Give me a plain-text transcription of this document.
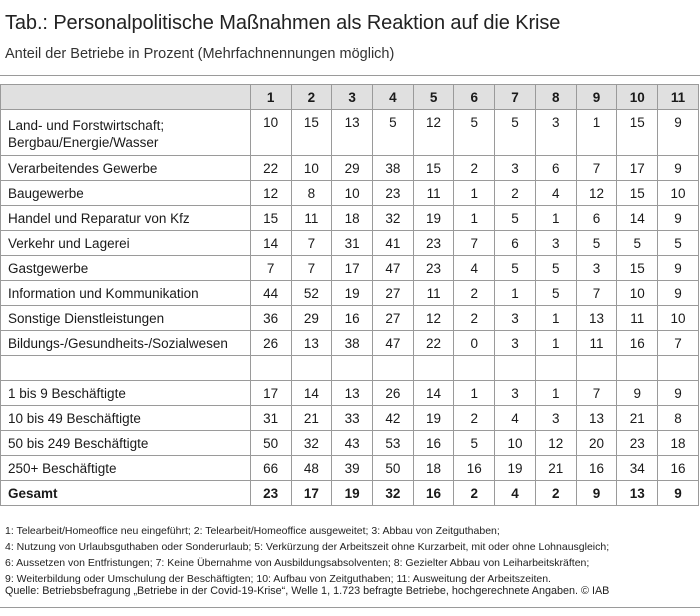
Tab.: Personalpolitische Maßnahmen als Reaktion auf die Krise

Anteil der Betriebe in Prozent (Mehrfachnennungen möglich)

	1	2	3	4	5	6	7	8	9	10	11

Land- und Forstwirtschaft;
Bergbau/Energie/Wasser	10	15	13	5	12	5	5	3	1	15	9
Verarbeitendes Gewerbe	22	10	29	38	15	2	3	6	7	17	9
Baugewerbe	12	8	10	23	11	1	2	4	12	15	10
Handel und Reparatur von Kfz	15	11	18	32	19	1	5	1	6	14	9
Verkehr und Lagerei	14	7	31	41	23	7	6	3	5	5	5
Gastgewerbe	7	7	17	47	23	4	5	5	3	15	9
Information und Kommunikation	44	52	19	27	11	2	1	5	7	10	9
Sonstige Dienstleistungen	36	29	16	27	12	2	3	1	13	11	10
Bildungs-/Gesundheits-/Sozialwesen	26	13	38	47	22	0	3	1	11	16	7

1 bis 9 Beschäftigte	17	14	13	26	14	1	3	1	7	9	9
10 bis 49 Beschäftigte	31	21	33	42	19	2	4	3	13	21	8
50 bis 249 Beschäftigte	50	32	43	53	16	5	10	12	20	23	18
250+ Beschäftigte	66	48	39	50	18	16	19	21	16	34	16
Gesamt	23	17	19	32	16	2	4	2	9	13	9
1: Telearbeit/Homeoffice neu eingeführt; 2: Telearbeit/Homeoffice ausgeweitet; 3: Abbau von Zeitguthaben;
4: Nutzung von Urlaubsguthaben oder Sonderurlaub; 5: Verkürzung der Arbeitszeit ohne Kurzarbeit, mit oder ohne Lohnausgleich;
6: Aussetzen von Entfristungen; 7: Keine Übernahme von Ausbildungsabsolventen; 8: Gezielter Abbau von Leiharbeitskräften;
9: Weiterbildung oder Umschulung der Beschäftigten; 10: Aufbau von Zeitguthaben; 11: Ausweitung der Arbeitszeiten.

Quelle: Betriebsbefragung „Betriebe in der Covid-19-Krise“, Welle 1, 1.723 befragte Betriebe, hochgerechnete Angaben. © IAB
